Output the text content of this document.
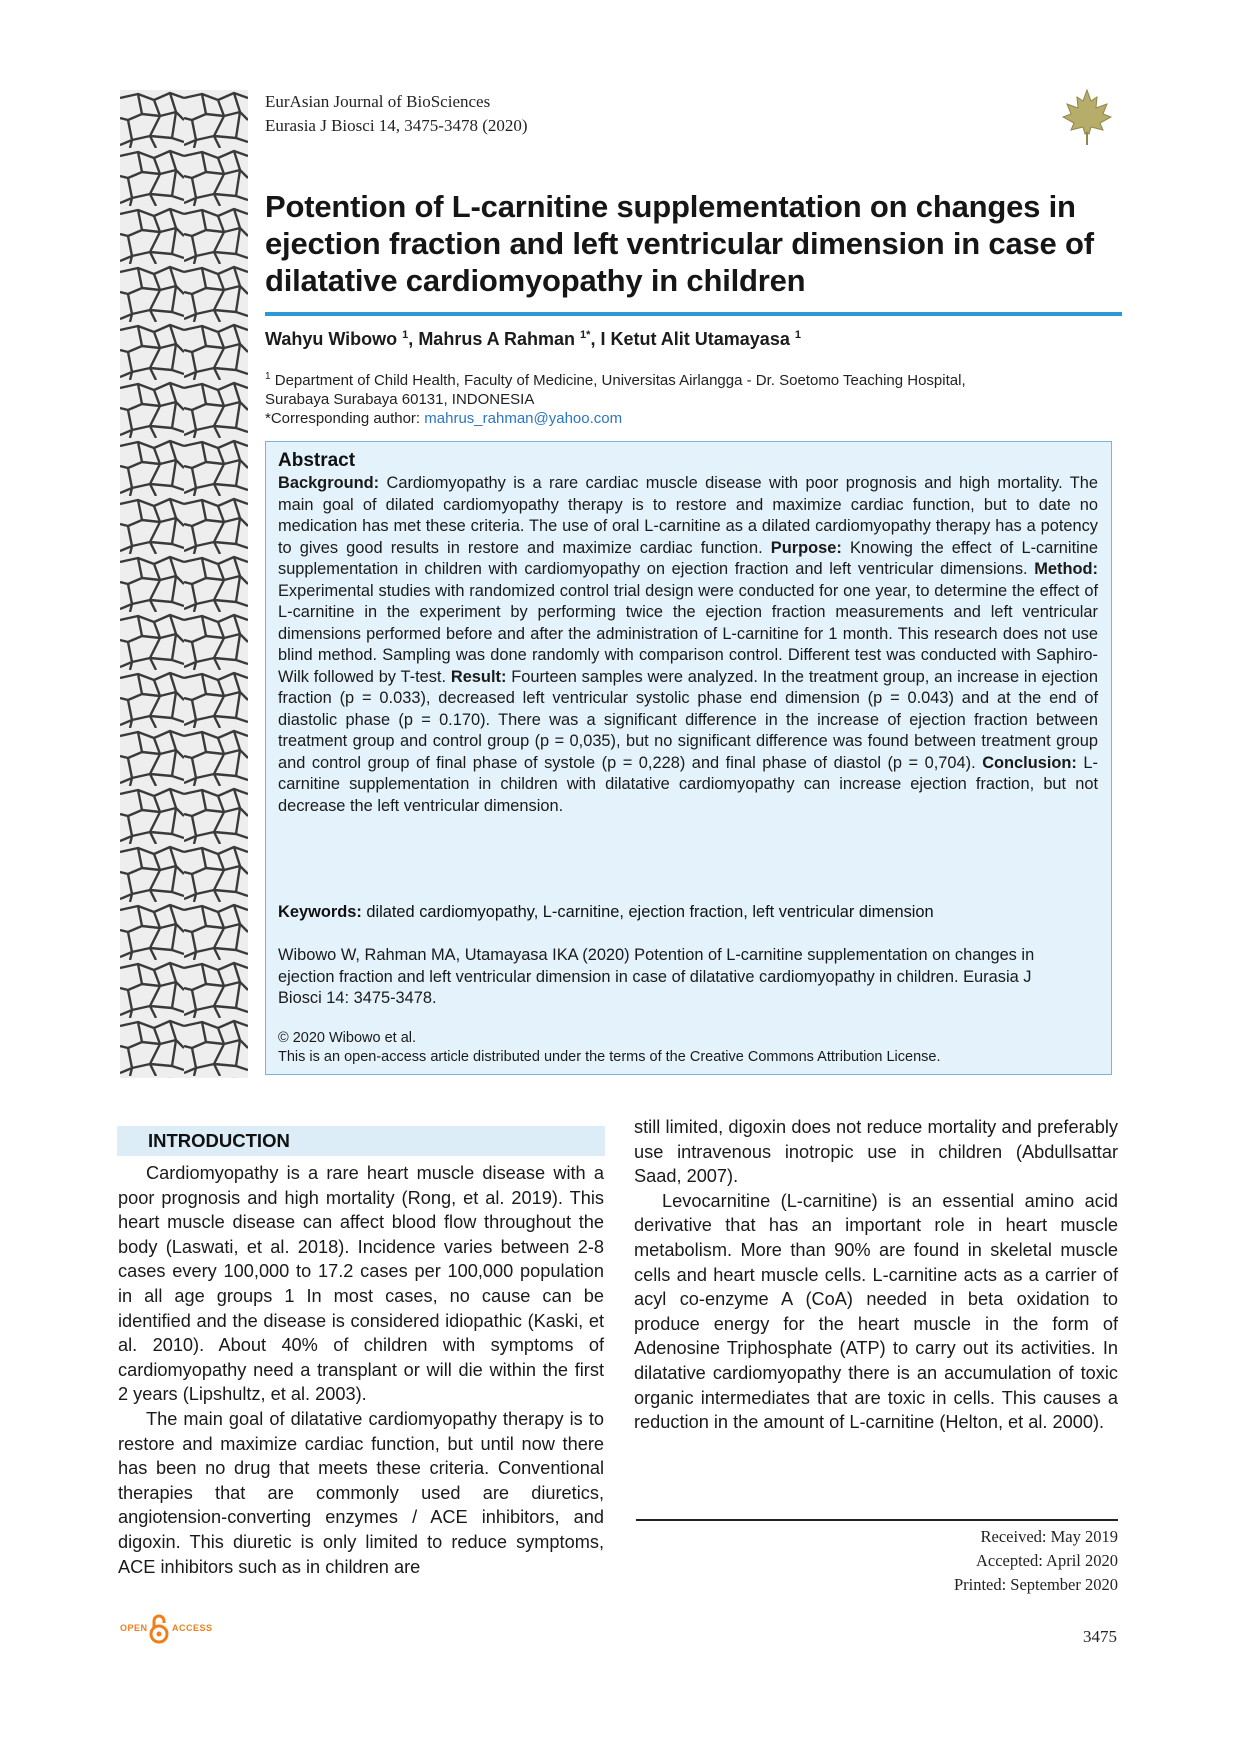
EurAsian Journal of BioSciences
Eurasia J Biosci 14, 3475-3478 (2020)
Potention of L-carnitine supplementation on changes in ejection fraction and left ventricular dimension in case of dilatative cardiomyopathy in children
Wahyu Wibowo $^1$, Mahrus A Rahman $^{1*}$, I Ketut Alit Utamayasa $^1$
$^1$ Department of Child Health, Faculty of Medicine, Universitas Airlangga - Dr. Soetomo Teaching Hospital,
Surabaya Surabaya 60131, INDONESIA
*Corresponding author: mahrus_rahman@yahoo.com
Abstract

Background: Cardiomyopathy is a rare cardiac muscle disease with poor prognosis and high mortality. The main goal of dilated cardiomyopathy therapy is to restore and maximize cardiac function, but to date no medication has met these criteria. The use of oral L-carnitine as a dilated cardiomyopathy therapy has a potency to gives good results in restore and maximize cardiac function. Purpose: Knowing the effect of L-carnitine supplementation in children with cardiomyopathy on ejection fraction and left ventricular dimensions. Method: Experimental studies with randomized control trial design were conducted for one year, to determine the effect of L-carnitine in the experiment by performing twice the ejection fraction measurements and left ventricular dimensions performed before and after the administration of L-carnitine for 1 month. This research does not use blind method. Sampling was done randomly with comparison control. Different test was conducted with Saphiro-Wilk followed by T-test. Result: Fourteen samples were analyzed. In the treatment group, an increase in ejection fraction (p = 0.033), decreased left ventricular systolic phase end dimension (p = 0.043) and at the end of diastolic phase (p = 0.170). There was a significant difference in the increase of ejection fraction between treatment group and control group (p = 0,035), but no significant difference was found between treatment group and control group of final phase of systole (p = 0,228) and final phase of diastol (p = 0,704). Conclusion: L-carnitine supplementation in children with dilatative cardiomyopathy can increase ejection fraction, but not decrease the left ventricular dimension.

Keywords: dilated cardiomyopathy, L-carnitine, ejection fraction, left ventricular dimension
Wibowo W, Rahman MA, Utamayasa IKA (2020) Potention of L-carnitine supplementation on changes in ejection fraction and left ventricular dimension in case of dilatative cardiomyopathy in children. Eurasia J Biosci 14: 3475-3478.
© 2020 Wibowo et al.
This is an open-access article distributed under the terms of the Creative Commons Attribution License.
INTRODUCTION

Cardiomyopathy is a rare heart muscle disease with a poor prognosis and high mortality (Rong, et al. 2019). This heart muscle disease can affect blood flow throughout the body (Laswati, et al. 2018). Incidence varies between 2-8 cases every 100,000 to 17.2 cases per 100,000 population in all age groups 1 In most cases, no cause can be identified and the disease is considered idiopathic (Kaski, et al. 2010). About 40% of children with symptoms of cardiomyopathy need a transplant or will die within the first 2 years (Lipshultz, et al. 2003).

The main goal of dilatative cardiomyopathy therapy is to restore and maximize cardiac function, but until now there has been no drug that meets these criteria. Conventional therapies that are commonly used are diuretics, angiotension-converting enzymes / ACE inhibitors, and digoxin. This diuretic is only limited to reduce symptoms, ACE inhibitors such as in children are

still limited, digoxin does not reduce mortality and preferably use intravenous inotropic use in children (Abdullsattar Saad, 2007).

Levocarnitine (L-carnitine) is an essential amino acid derivative that has an important role in heart muscle metabolism. More than 90% are found in skeletal muscle cells and heart muscle cells. L-carnitine acts as a carrier of acyl co-enzyme A (CoA) needed in beta oxidation to produce energy for the heart muscle in the form of Adenosine Triphosphate (ATP) to carry out its activities. In dilatative cardiomyopathy there is an accumulation of toxic organic intermediates that are toxic in cells. This causes a reduction in the amount of L-carnitine (Helton, et al. 2000).

Received: May 2019
Accepted: April 2020
Printed: September 2020
OPEN	ACCESS	3475
